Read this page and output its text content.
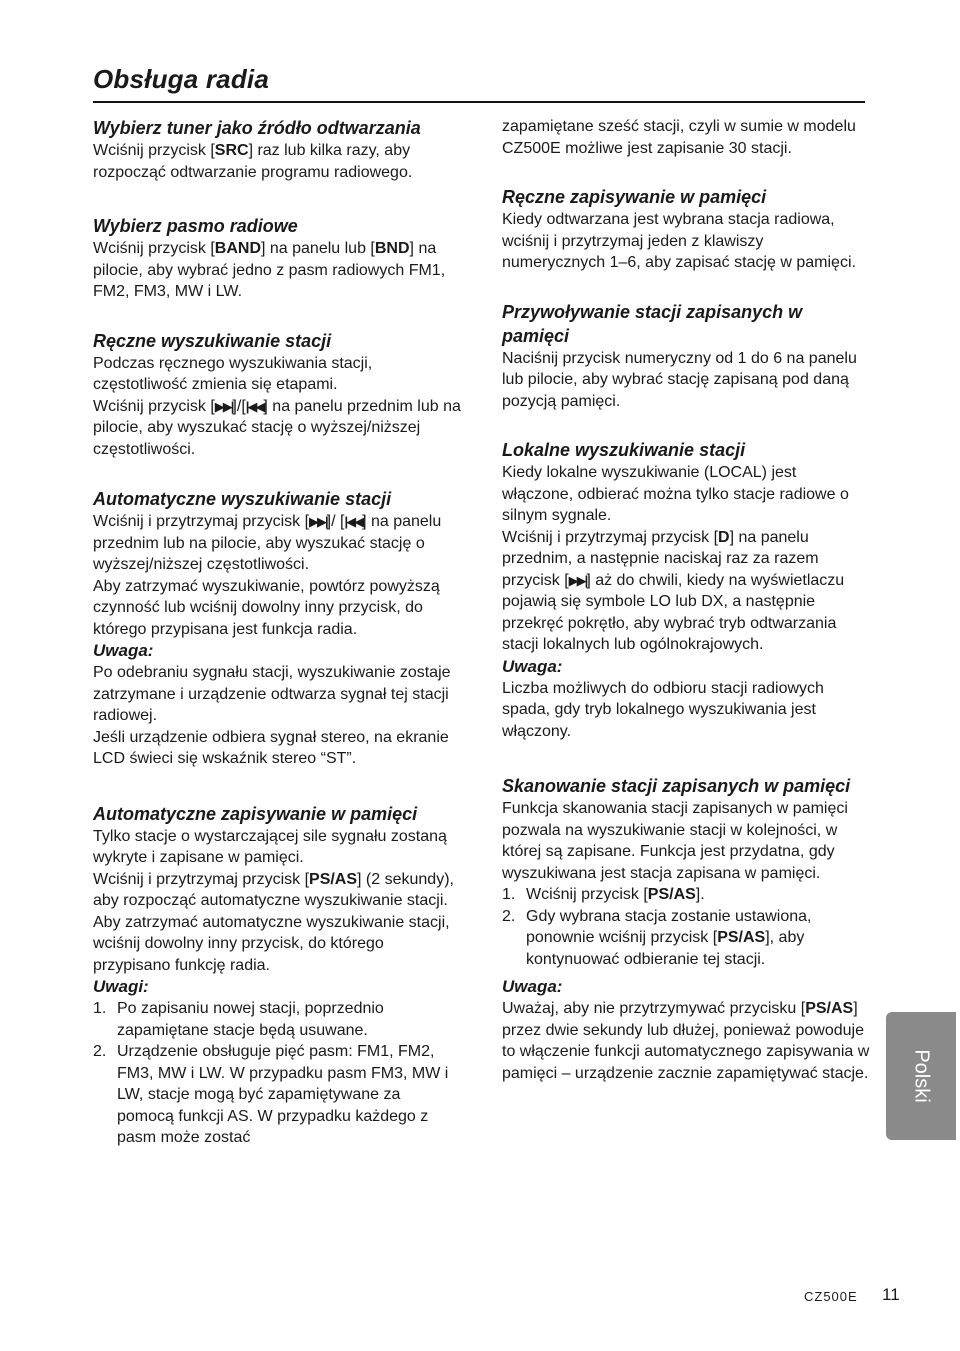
Obsługa radia
Wybierz tuner jako źródło odtwarzania

Wciśnij przycisk [SRC] raz lub kilka razy, aby rozpocząć odtwarzanie programu radiowego.

Wybierz pasmo radiowe

Wciśnij przycisk [BAND] na panelu lub [BND] na pilocie, aby wybrać jedno z pasm radiowych FM1, FM2, FM3, MW i LW.

Ręczne wyszukiwanie stacji

Podczas ręcznego wyszukiwania stacji, częstotliwość zmienia się etapami.

Wciśnij przycisk [▶▶|]/[|◀◀] na panelu przednim lub na pilocie, aby wyszukać stację o wyższej/niższej częstotliwości.

Automatyczne wyszukiwanie stacji

Wciśnij i przytrzymaj przycisk [▶▶|]/ [|◀◀] na panelu przednim lub na pilocie, aby wyszukać stację o wyższej/niższej częstotliwości.

Aby zatrzymać wyszukiwanie, powtórz powyższą czynność lub wciśnij dowolny inny przycisk, do którego przypisana jest funkcja radia.

Uwaga:

Po odebraniu sygnału stacji, wyszukiwanie zostaje zatrzymane i urządzenie odtwarza sygnał tej stacji radiowej.

Jeśli urządzenie odbiera sygnał stereo, na ekranie LCD świeci się wskaźnik stereo “ST”.

Automatyczne zapisywanie w pamięci

Tylko stacje o wystarczającej sile sygnału zostaną wykryte i zapisane w pamięci.

Wciśnij i przytrzymaj przycisk [PS/AS] (2 sekundy), aby rozpocząć automatyczne wyszukiwanie stacji.

Aby zatrzymać automatyczne wyszukiwanie stacji, wciśnij dowolny inny przycisk, do którego przypisano funkcję radia.

Uwagi:
1. Po zapisaniu nowej stacji, poprzednio zapamiętane stacje będą usuwane.
2. Urządzenie obsługuje pięć pasm: FM1, FM2, FM3, MW i LW. W przypadku pasm FM3, MW i LW, stacje mogą być zapamiętywane za pomocą funkcji AS. W przypadku każdego z pasm może zostać

zapamiętane sześć stacji, czyli w sumie w modelu CZ500E możliwe jest zapisanie 30 stacji.

Ręczne zapisywanie w pamięci

Kiedy odtwarzana jest wybrana stacja radiowa, wciśnij i przytrzymaj jeden z klawiszy numerycznych 1–6, aby zapisać stację w pamięci.

Przywoływanie stacji zapisanych w pamięci

Naciśnij przycisk numeryczny od 1 do 6 na panelu lub pilocie, aby wybrać stację zapisaną pod daną pozycją pamięci.

Lokalne wyszukiwanie stacji

Kiedy lokalne wyszukiwanie (LOCAL) jest włączone, odbierać można tylko stacje radiowe o silnym sygnale.

Wciśnij i przytrzymaj przycisk [D] na panelu przednim, a następnie naciskaj raz za razem przycisk [▶▶|] aż do chwili, kiedy na wyświetlaczu pojawią się symbole LO lub DX, a następnie przekręć pokrętło, aby wybrać tryb odtwarzania stacji lokalnych lub ogólnokrajowych.

Uwaga:

Liczba możliwych do odbioru stacji radiowych spada, gdy tryb lokalnego wyszukiwania jest włączony.

Skanowanie stacji zapisanych w pamięci

Funkcja skanowania stacji zapisanych w pamięci pozwala na wyszukiwanie stacji w kolejności, w której są zapisane. Funkcja jest przydatna, gdy wyszukiwana jest stacja zapisana w pamięci.

1. Wciśnij przycisk [PS/AS].
2. Gdy wybrana stacja zostanie ustawiona, ponownie wciśnij przycisk [PS/AS], aby kontynuować odbieranie tej stacji.
Uwaga:

Uważaj, aby nie przytrzymywać przycisku [PS/AS] przez dwie sekundy lub dłużej, ponieważ powoduje to włączenie funkcji automatycznego zapisywania w pamięci – urządzenie zacznie zapamiętywać stacje. Polski
CZ500E 11
